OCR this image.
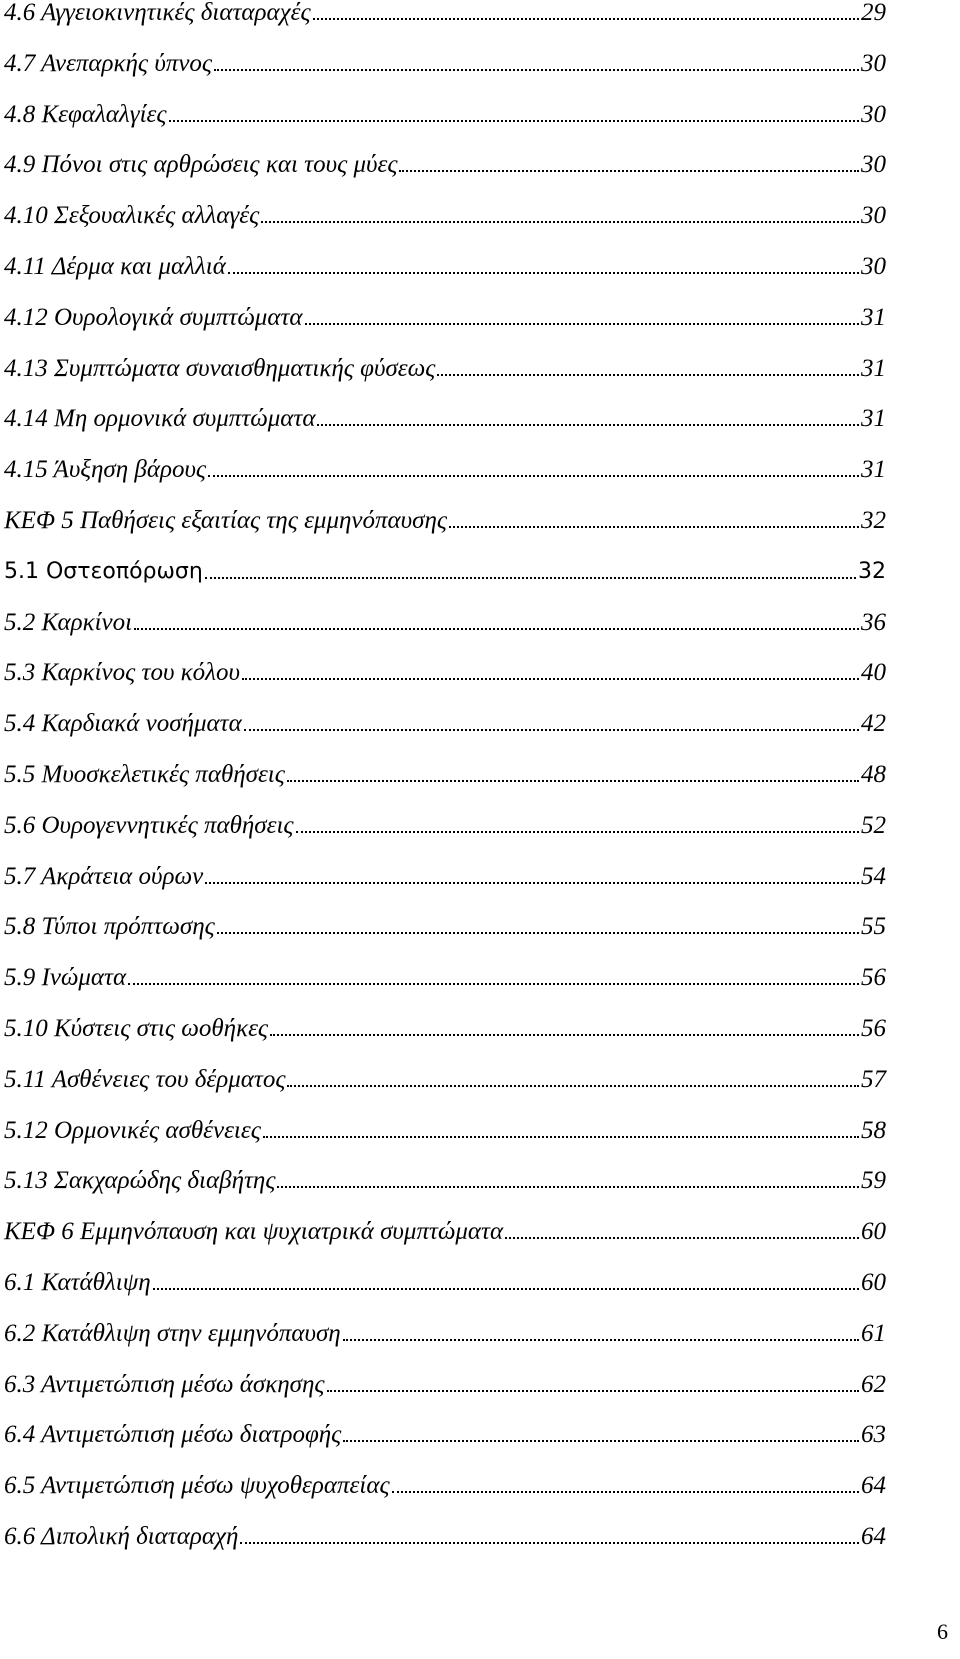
4.6 Αγγειοκινητικές διαταραχές	29
4.7 Ανεπαρκής ύπνος	30
4.8 Κεφαλαλγίες	30
4.9 Πόνοι στις αρθρώσεις και τους μύες	30
4.10 Σεξουαλικές αλλαγές	30
4.11 Δέρμα και μαλλιά	30
4.12 Ουρολογικά συμπτώματα	31
4.13 Συμπτώματα συναισθηματικής φύσεως	31
4.14 Μη ορμονικά συμπτώματα	31
4.15 Άυξηση βάρους	31
ΚΕΦ 5 Παθήσεις εξαιτίας της εμμηνόπαυσης	32
5.1 Οστεοπόρωση	32
5.2 Καρκίνοι	36
5.3 Καρκίνος του κόλου	40
5.4 Καρδιακά νοσήματα	42
5.5 Μυοσκελετικές παθήσεις	48
5.6 Ουρογεννητικές παθήσεις	52
5.7 Ακράτεια ούρων	54
5.8 Τύποι πρόπτωσης	55
5.9 Ινώματα	56
5.10 Κύστεις στις ωοθήκες	56
5.11 Ασθένειες του δέρματος	57
5.12 Ορμονικές ασθένειες	58
5.13 Σακχαρώδης διαβήτης	59
ΚΕΦ 6 Εμμηνόπαυση και ψυχιατρικά συμπτώματα	60
6.1 Κατάθλιψη	60
6.2 Κατάθλιψη στην εμμηνόπαυση	61
6.3 Αντιμετώπιση μέσω άσκησης	62
6.4 Αντιμετώπιση μέσω διατροφής	63
6.5 Αντιμετώπιση μέσω ψυχοθεραπείας	64
6.6 Διπολική διαταραχή	64
6
